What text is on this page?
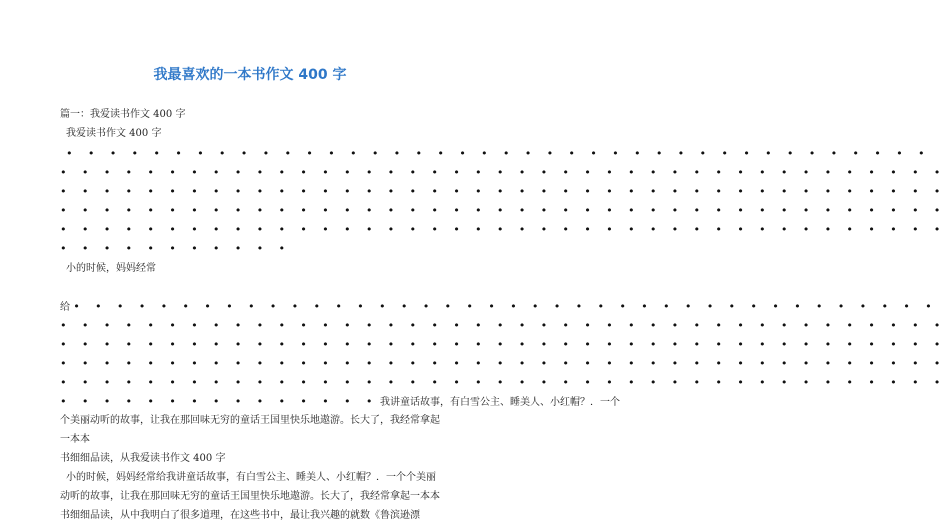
我最喜欢的一本书作文 400 字
篇一：我爱读书作文 400 字
我爱读书作文 400 字
• • • • • • • • • • • • • • • • • • • • • • • • • • • • • • • • • • • • • • • •
• • • • • • • • • • • • • • • • • • • • • • • • • • • • • • • • • • • • • • • • •
• • • • • • • • • • • • • • • • • • • • • • • • • • • • • • • • • • • • • • • • •
• • • • • • • • • • • • • • • • • • • • • • • • • • • • • • • • • • • • • • • • •
• • • • • • • • • • • • • • • • • • • • • • • • • • • • • • • • • • • • • • • • •
• • • • • • • • • • •
小的时候，妈妈经常
给 • • • • • • • • • • • • • • • • • • • • • • • • • • • • • • • • • • • • • • • •
• • • • • • • • • • • • • • • • • • • • • • • • • • • • • • • • • • • • • • • • •
• • • • • • • • • • • • • • • • • • • • • • • • • • • • • • • • • • • • • • • • •
• • • • • • • • • • • • • • • • • • • • • • • • • • • • • • • • • • • • • • • • •
• • • • • • • • • • • • • • • • • • • • • • • • • • • • • • • • • • • • • • • • •
• • • • • • • • • • • • • • • 我讲童话故事，有白雪公主、睡美人、小红帽？．一个
个美丽动听的故事，让我在那回味无穷的童话王国里快乐地遨游。长大了，我经常拿起
一本本
书细细品读，从我爱读书作文 400 字
小的时候，妈妈经常给我讲童话故事，有白雪公主、睡美人、小红帽？．一个个美丽
动听的故事，让我在那回味无穷的童话王国里快乐地遨游。长大了，我经常拿起一本本
书细细品读，从中我明白了很多道理，在这些书中，最让我兴趣的就数《鲁滨逊漂
